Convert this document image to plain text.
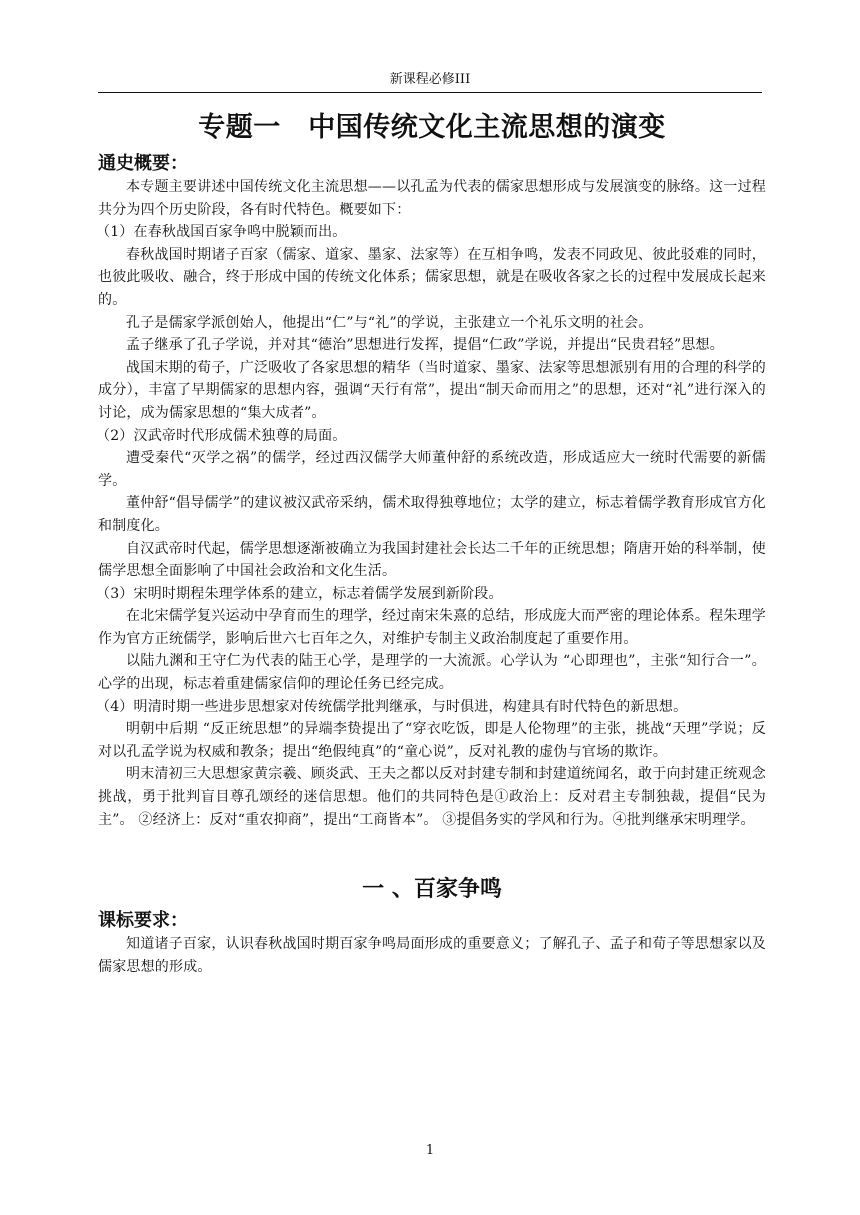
新课程必修III
专题一　中国传统文化主流思想的演变
通史概要：

本专题主要讲述中国传统文化主流思想——以孔孟为代表的儒家思想形成与发展演变的脉络。这一过程共分为四个历史阶段，各有时代特色。概要如下：

（1）在春秋战国百家争鸣中脱颖而出。

春秋战国时期诸子百家（儒家、道家、墨家、法家等）在互相争鸣，发表不同政见、彼此驳难的同时，也彼此吸收、融合，终于形成中国的传统文化体系；儒家思想，就是在吸收各家之长的过程中发展成长起来的。

孔子是儒家学派创始人，他提出“仁”与“礼”的学说，主张建立一个礼乐文明的社会。

孟子继承了孔子学说，并对其“德治”思想进行发挥，提倡“仁政”学说，并提出“民贵君轻”思想。

战国末期的荀子，广泛吸收了各家思想的精华（当时道家、墨家、法家等思想派别有用的合理的科学的成分），丰富了早期儒家的思想内容，强调“天行有常”，提出“制天命而用之”的思想，还对“礼”进行深入的讨论，成为儒家思想的“集大成者”。

（2）汉武帝时代形成儒术独尊的局面。

遭受秦代“灭学之祸”的儒学，经过西汉儒学大师董仲舒的系统改造，形成适应大一统时代需要的新儒学。

董仲舒“倡导儒学”的建议被汉武帝采纳，儒术取得独尊地位；太学的建立，标志着儒学教育形成官方化和制度化。

自汉武帝时代起，儒学思想逐渐被确立为我国封建社会长达二千年的正统思想；隋唐开始的科举制，使儒学思想全面影响了中国社会政治和文化生活。

（3）宋明时期程朱理学体系的建立，标志着儒学发展到新阶段。

在北宋儒学复兴运动中孕育而生的理学，经过南宋朱熹的总结，形成庞大而严密的理论体系。程朱理学作为官方正统儒学，影响后世六七百年之久，对维护专制主义政治制度起了重要作用。

以陆九渊和王守仁为代表的陆王心学，是理学的一大流派。心学认为 “心即理也”，主张“知行合一”。心学的出现，标志着重建儒家信仰的理论任务已经完成。

（4）明清时期一些进步思想家对传统儒学批判继承，与时俱进，构建具有时代特色的新思想。

明朝中后期 “反正统思想”的异端李贽提出了“穿衣吃饭，即是人伦物理”的主张，挑战“天理”学说；反对以孔孟学说为权威和教条；提出“绝假纯真”的“童心说”，反对礼教的虚伪与官场的欺诈。

明末清初三大思想家黄宗羲、顾炎武、王夫之都以反对封建专制和封建道统闻名，敢于向封建正统观念挑战，勇于批判盲目尊孔颂经的迷信思想。他们的共同特色是①政治上：反对君主专制独裁，提倡“民为主”。 ②经济上：反对“重农抑商”，提出“工商皆本”。 ③提倡务实的学风和行为。④批判继承宋明理学。

一 、百家争鸣
课标要求：

知道诸子百家，认识春秋战国时期百家争鸣局面形成的重要意义；了解孔子、孟子和荀子等思想家以及儒家思想的形成。

1
